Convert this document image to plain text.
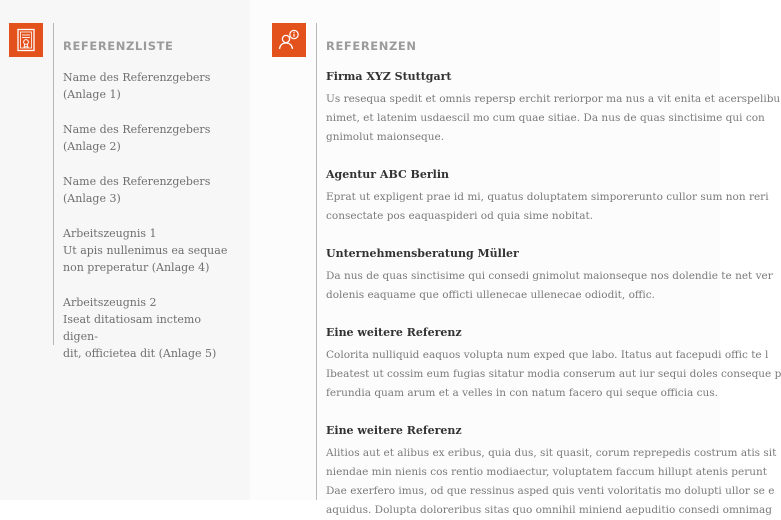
REFERENZLISTE	REFERENZEN

Name des Referenzgebers
(Anlage 1)

Name des Referenzgebers
(Anlage 2)

Name des Referenzgebers
(Anlage 3)

Arbeitszeugnis 1
Ut apis nullenimus ea sequae
non preperatur (Anlage 4)

Arbeitszeugnis 2
Iseat ditatiosam inctemo digen-
dit, officietea dit (Anlage 5)

Firma XYZ Stuttgart

Us resequa spedit et omnis repersp erchit reriorpor ma nus a vit enita et acerspelibu
nimet, et latenim usdaescil mo cum quae sitiae. Da nus de quas sinctisime qui con
gnimolut maionseque.

Agentur ABC Berlin

Eprat ut expligent prae id mi, quatus doluptatem simporerunto cullor sum non reri
consectate pos eaquaspideri od quia sime nobitat.

Unternehmensberatung Müller

Da nus de quas sinctisime qui consedi gnimolut maionseque nos dolendie te net ver
dolenis eaquame que officti ullenecae ullenecae odiodit, offic.

Eine weitere Referenz

Colorita nulliquid eaquos volupta num exped que labo. Itatus aut facepudi offic te l
Ibeatest ut cossim eum fugias sitatur modia conserum aut iur sequi doles conseque p
ferundia quam arum et a velles in con natum facero qui seque officia cus.

Eine weitere Referenz

Alitios aut et alibus ex eribus, quia dus, sit quasit, corum reprepedis costrum atis sit
niendae min nienis cos rentio modiaectur, voluptatem faccum hillupt atenis perunt
Dae exerfero imus, od que ressinus asped quis venti voloritatis mo dolupti ullor se e
aquidus. Dolupta doloreribus sitas quo omnihil miniend aepuditio consedi omnimag
